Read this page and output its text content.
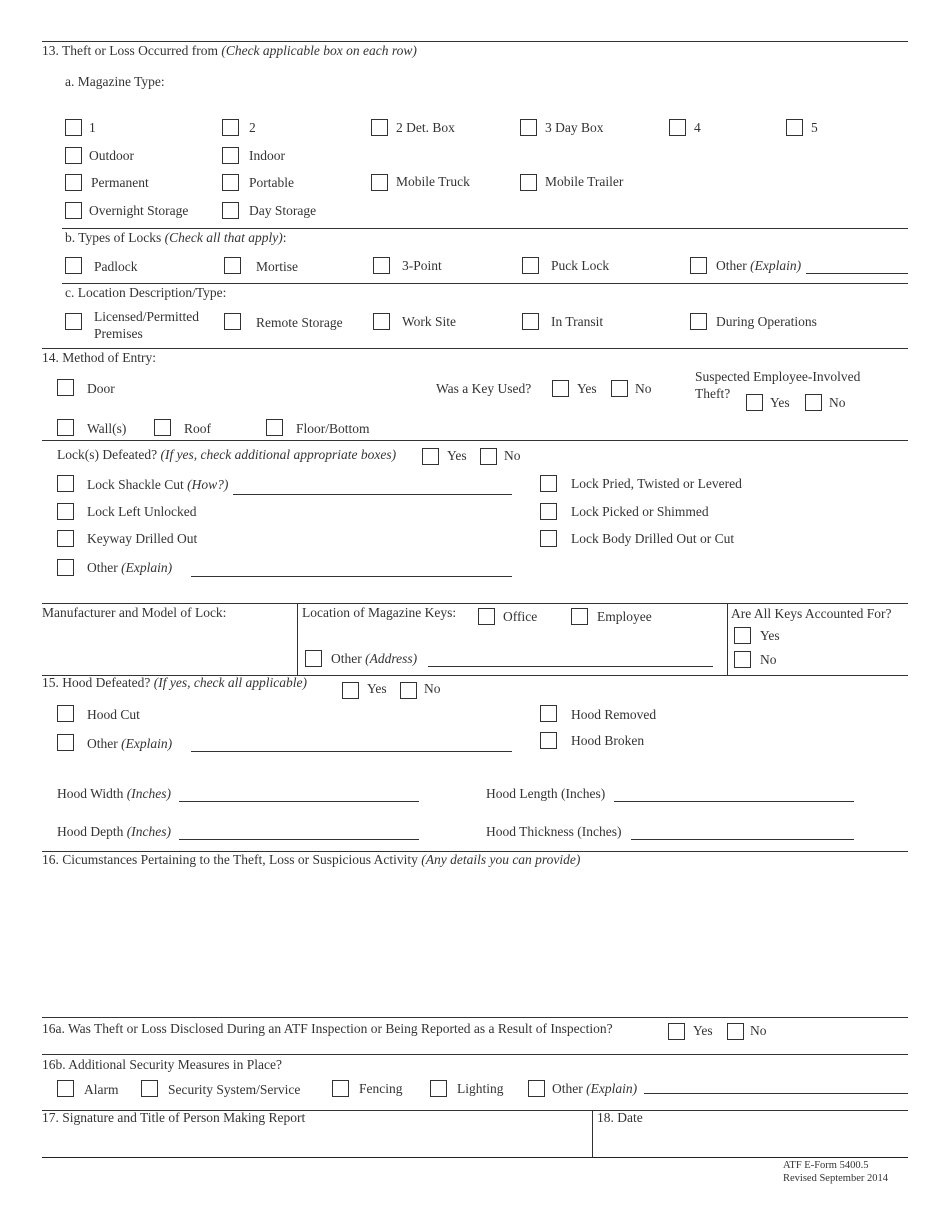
13. Theft or Loss Occurred from (Check applicable box on each row)
a. Magazine Type:
1	2	2 Det. Box	3 Day Box	4	5
Outdoor	Indoor
Permanent	Portable	Mobile Truck	Mobile Trailer
Overnight Storage	Day Storage
b. Types of Locks (Check all that apply):
Padlock	Mortise	3-Point	Puck Lock	Other (Explain)
c. Location Description/Type:
Licensed/Permitted
Premises
Remote Storage	Work Site	In Transit	During Operations
14. Method of Entry:
Door	Was a Key Used?	Yes	No
Suspected Employee-Involved
Theft?
Yes	No
Wall(s)	Roof	Floor/Bottom
Lock(s) Defeated? (If yes, check additional appropriate boxes)	Yes	No
Lock Shackle Cut (How?)
Lock Left Unlocked
Keyway Drilled Out
Other (Explain)
Lock Pried, Twisted or Levered
Lock Picked or Shimmed
Lock Body Drilled Out or Cut
Manufacturer and Model of Lock:	Location of Magazine Keys:	Office	Employee
Other (Address)
Are All Keys Accounted For?
Yes
No
15. Hood Defeated? (If yes, check all applicable)	Yes	No
Hood Cut
Other (Explain)
Hood Removed
Hood Broken
Hood Width (Inches)	Hood Length (Inches)
Hood Depth (Inches)	Hood Thickness (Inches)
16. Cicumstances Pertaining to the Theft, Loss or Suspicious Activity (Any details you can provide)
16a. Was Theft or Loss Disclosed During an ATF Inspection or Being Reported as a Result of Inspection?	Yes	No
16b. Additional Security Measures in Place?
Alarm	Security System/Service	Fencing	Lighting	Other (Explain)
17. Signature and Title of Person Making Report	18. Date
ATF E-Form 5400.5
Revised September 2014
